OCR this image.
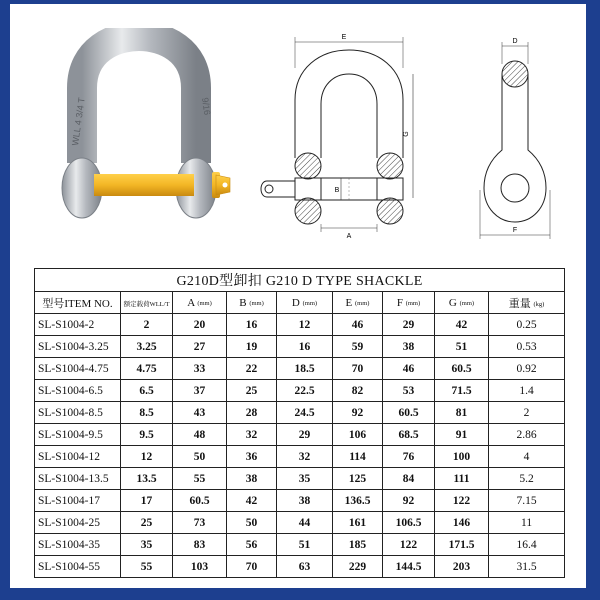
WLL 4 3/4 T	9/16
E
G
B
A
D
F
G210D型卸扣 G210 D TYPE SHACKLE								
型号ITEM NO.	额定载荷WLL/T	A (mm)	B (mm)	D (mm)	E (mm)	F (mm)	G (mm)	重量 (kg)
SL-S1004-2	2	20	16	12	46	29	42	0.25
SL-S1004-3.25	3.25	27	19	16	59	38	51	0.53
SL-S1004-4.75	4.75	33	22	18.5	70	46	60.5	0.92
SL-S1004-6.5	6.5	37	25	22.5	82	53	71.5	1.4
SL-S1004-8.5	8.5	43	28	24.5	92	60.5	81	2
SL-S1004-9.5	9.5	48	32	29	106	68.5	91	2.86
SL-S1004-12	12	50	36	32	114	76	100	4
SL-S1004-13.5	13.5	55	38	35	125	84	111	5.2
SL-S1004-17	17	60.5	42	38	136.5	92	122	7.15
SL-S1004-25	25	73	50	44	161	106.5	146	11
SL-S1004-35	35	83	56	51	185	122	171.5	16.4
SL-S1004-55	55	103	70	63	229	144.5	203	31.5
